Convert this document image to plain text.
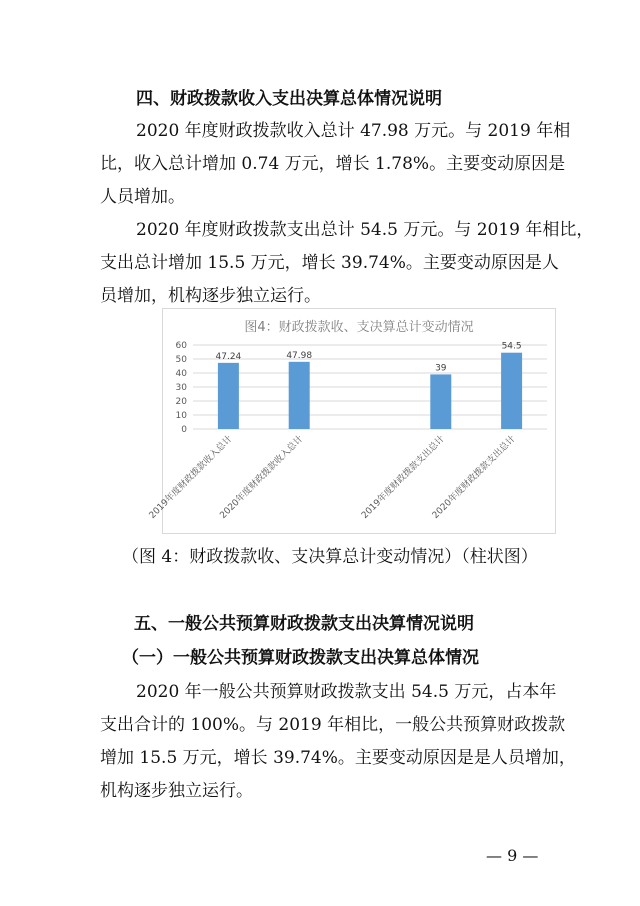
四、财政拨款收入支出决算总体情况说明
2020 年度财政拨款收入总计 47.98 万元。与 2019 年相
比，收入总计增加 0.74 万元，增长 1.78%。主要变动原因是
人员增加。
2020 年度财政拨款支出总计 54.5 万元。与 2019 年相比，
支出总计增加 15.5 万元，增长 39.74%。主要变动原因是人
员增加，机构逐步独立运行。
图4：财政拨款收、支决算总计变动情况
0
10
20
30
40
50
60
47.24
2019年度财政拨款收入总计
47.98
2020年度财政拨款收入总计
39
2019年度财政拨款支出总计
54.5
2020年度财政拨款支出总计
（图 4：财政拨款收、支决算总计变动情况）（柱状图）
五、一般公共预算财政拨款支出决算情况说明
（一）一般公共预算财政拨款支出决算总体情况
2020 年一般公共预算财政拨款支出 54.5 万元，占本年
支出合计的 100%。与 2019 年相比，一般公共预算财政拨款
增加 15.5 万元，增长 39.74%。主要变动原因是是人员增加，
机构逐步独立运行。
— 9 —
